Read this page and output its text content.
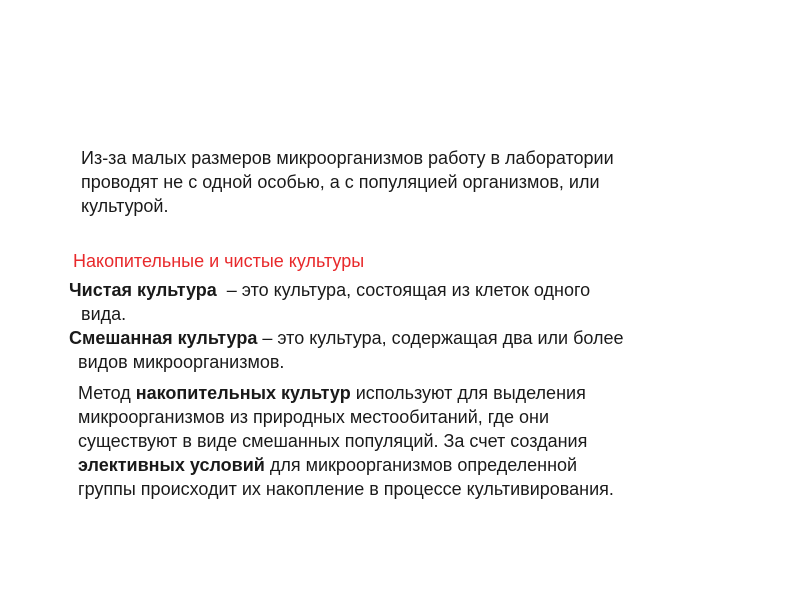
Из-за малых размеров микроорганизмов работу в лаборатории
проводят не с одной особью, а с популяцией организмов, или
культурой.

Накопительные и чистые культуры

Чистая культура  – это культура, состоящая из клеток одного
вида.

Смешанная культура – это культура, содержащая два или более
видов микроорганизмов.

Метод накопительных культур используют для выделения
микроорганизмов из природных местообитаний, где они
существуют в виде смешанных популяций. За счет создания
элективных условий для микроорганизмов определенной
группы происходит их накопление в процессе культивирования.
